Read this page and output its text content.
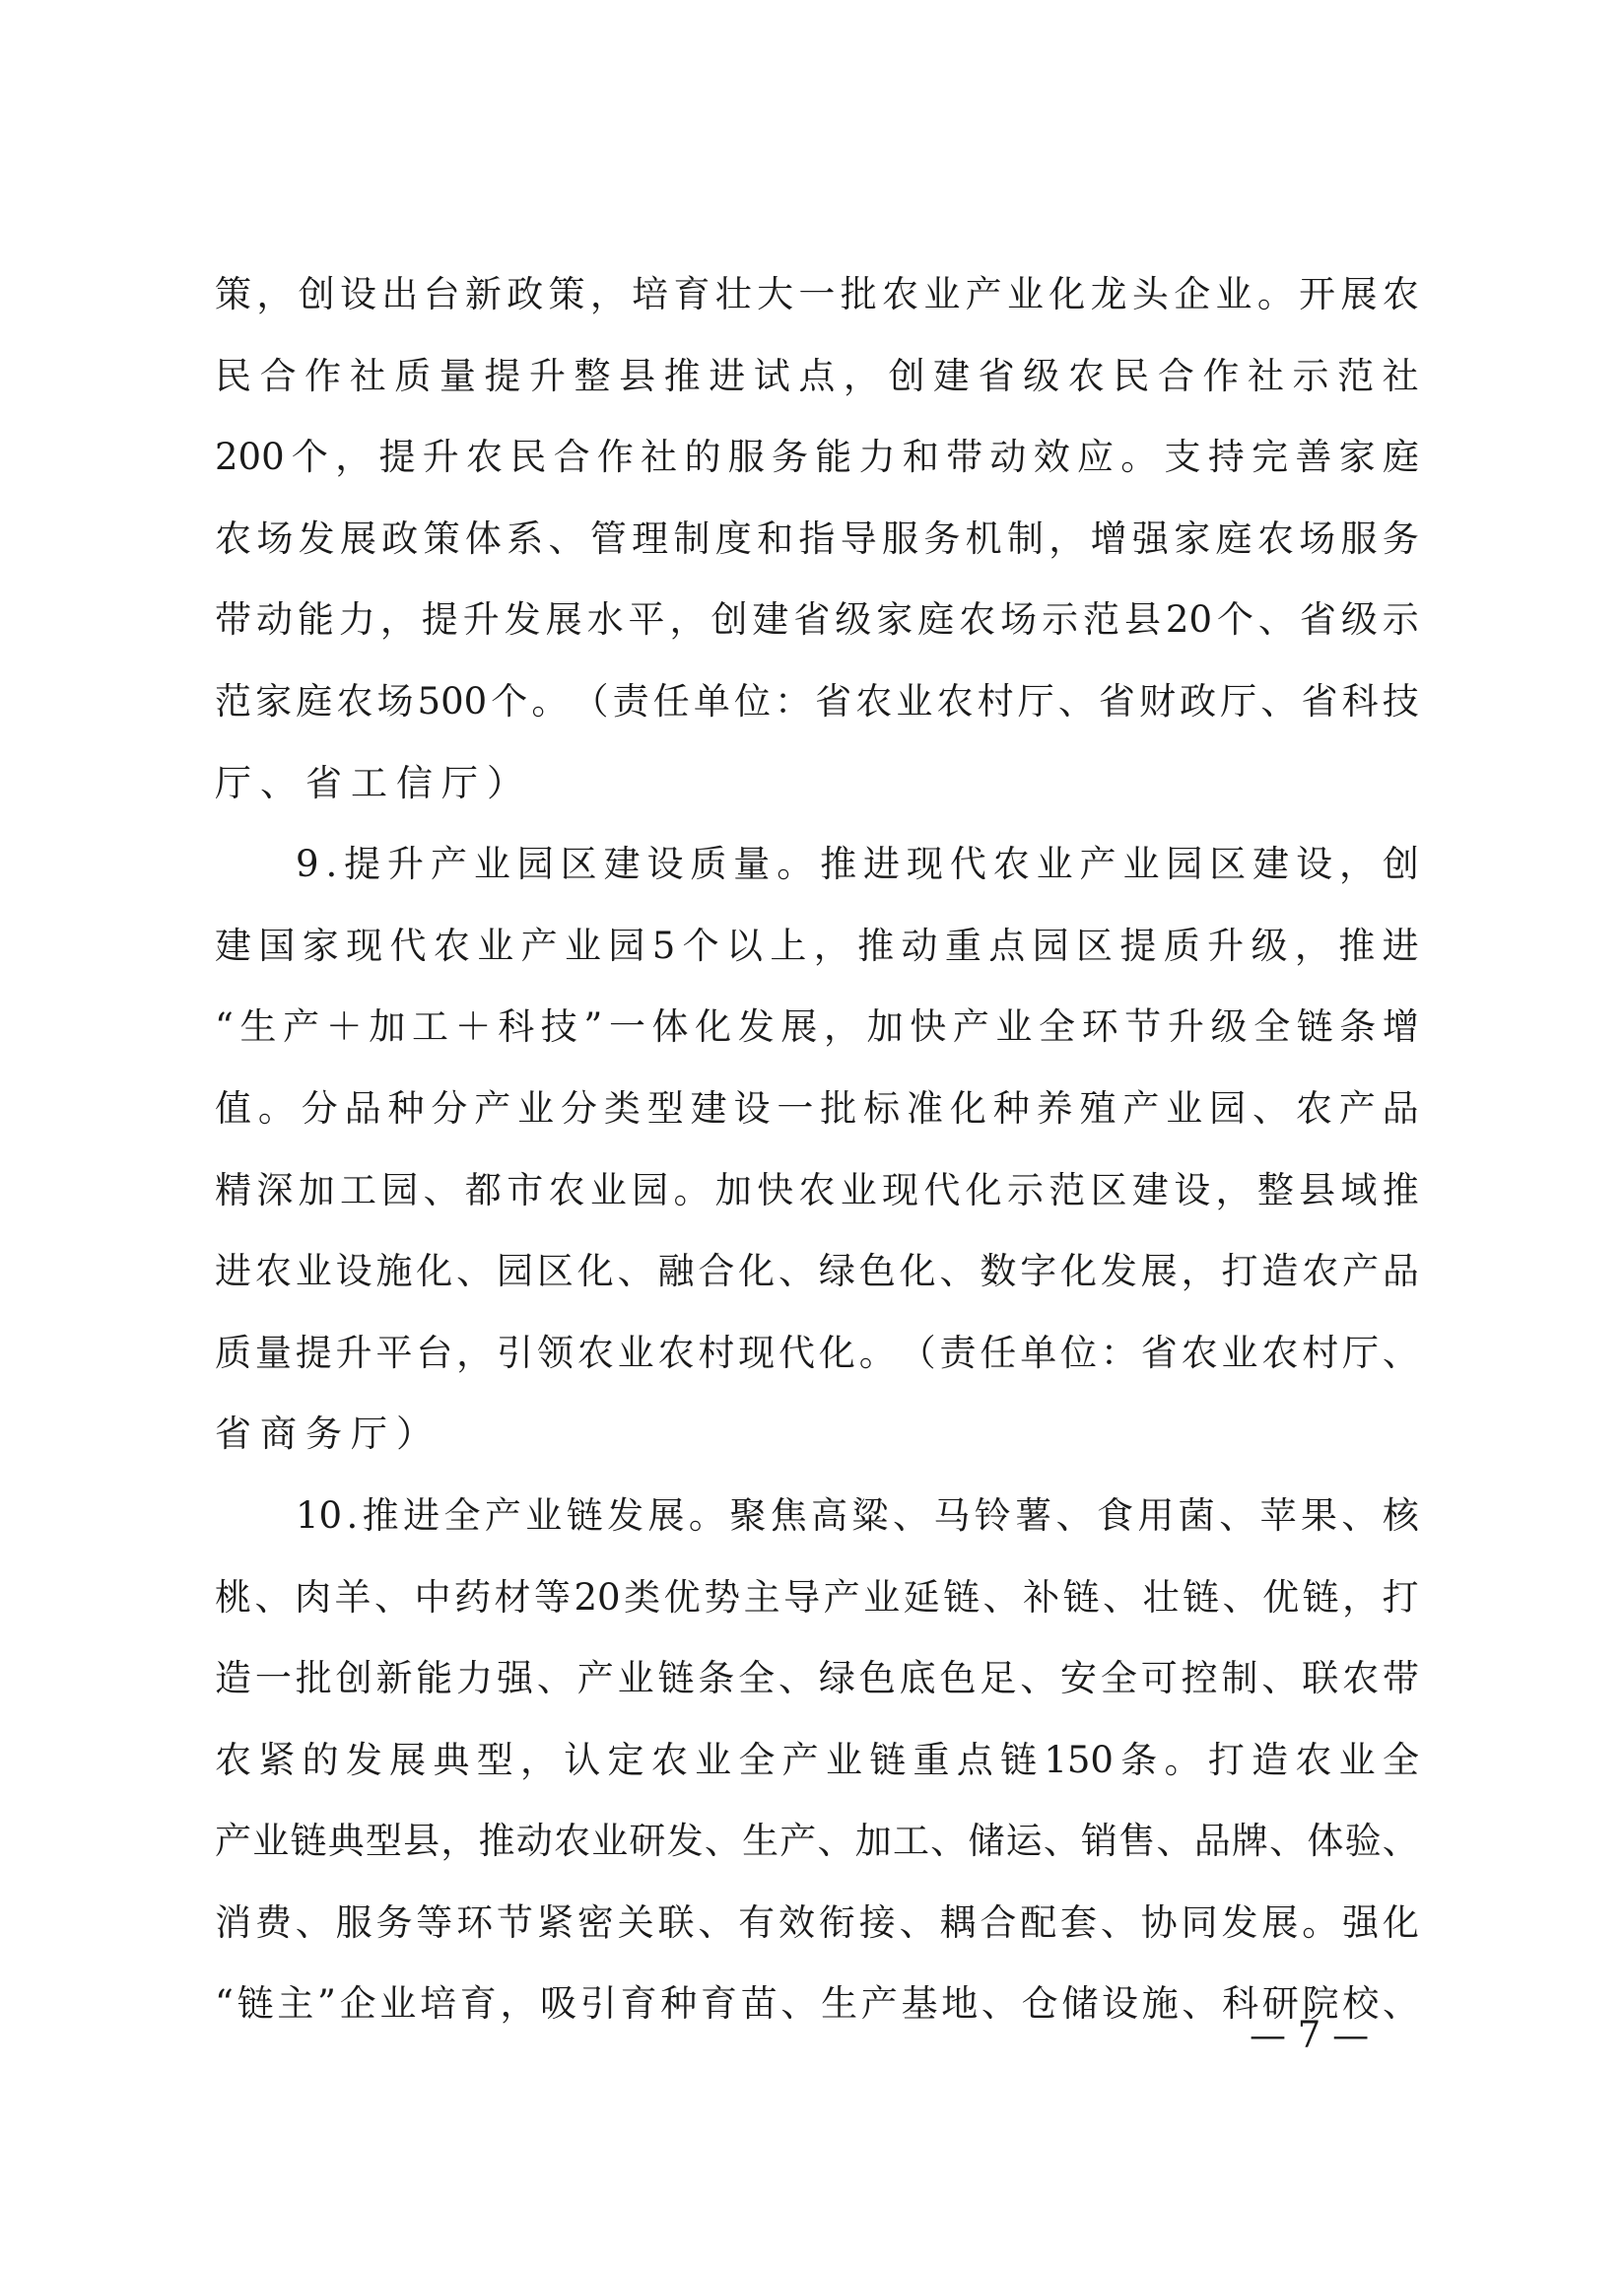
策 ， 创 设 出 台 新 政 策 ， 培 育 壮 大 一 批 农 业 产 业 化 龙 头 企 业 。 开 展 农
民 合 作 社 质 量 提 升 整 县 推 进 试 点 ， 创 建 省 级 农 民 合 作 社 示 范 社
200 个 ， 提 升 农 民 合 作 社 的 服 务 能 力 和 带 动 效 应 。 支 持 完 善 家 庭
农 场 发 展 政 策 体 系 、 管 理 制 度 和 指 导 服 务 机 制 ， 增 强 家 庭 农 场 服 务
带 动 能 力 ， 提 升 发 展 水 平 ， 创 建 省 级 家 庭 农 场 示 范 县 20 个 、 省 级 示
范 家 庭 农 场 500 个 。 （ 责 任 单 位 ： 省 农 业 农 村 厅 、 省 财 政 厅 、 省 科 技
厅、省工信厅）
9 . 提 升 产 业 园 区 建 设 质 量 。 推 进 现 代 农 业 产 业 园 区 建 设 ， 创
建 国 家 现 代 农 业 产 业 园 5 个 以 上 ， 推 动 重 点 园 区 提 质 升 级 ， 推 进
“ 生 产 ＋ 加 工 ＋ 科 技 ” 一 体 化 发 展 ， 加 快 产 业 全 环 节 升 级 全 链 条 增
值 。 分 品 种 分 产 业 分 类 型 建 设 一 批 标 准 化 种 养 殖 产 业 园 、 农 产 品
精 深 加 工 园 、 都 市 农 业 园 。 加 快 农 业 现 代 化 示 范 区 建 设 ， 整 县 域 推
进 农 业 设 施 化 、 园 区 化 、 融 合 化 、 绿 色 化 、 数 字 化 发 展 ， 打 造 农 产 品
质 量 提 升 平 台 ， 引 领 农 业 农 村 现 代 化 。 （ 责 任 单 位 ： 省 农 业 农 村 厅 、
省商务厅）
10 . 推 进 全 产 业 链 发 展 。 聚 焦 高 粱 、 马 铃 薯 、 食 用 菌 、 苹 果 、 核
桃 、 肉 羊 、 中 药 材 等 20 类 优 势 主 导 产 业 延 链 、 补 链 、 壮 链 、 优 链 ， 打
造 一 批 创 新 能 力 强 、 产 业 链 条 全 、 绿 色 底 色 足 、 安 全 可 控 制 、 联 农 带
农 紧 的 发 展 典 型 ， 认 定 农 业 全 产 业 链 重 点 链 150 条 。 打 造 农 业 全
产 业 链 典 型 县 ， 推 动 农 业 研 发 、 生 产 、 加 工 、 储 运 、 销 售 、 品 牌 、 体 验 、
消 费 、 服 务 等 环 节 紧 密 关 联 、 有 效 衔 接 、 耦 合 配 套 、 协 同 发 展 。 强 化
“ 链 主 ” 企 业 培 育 ， 吸 引 育 种 育 苗 、 生 产 基 地 、 仓 储 设 施 、 科 研 院 校 、
— 7 —
